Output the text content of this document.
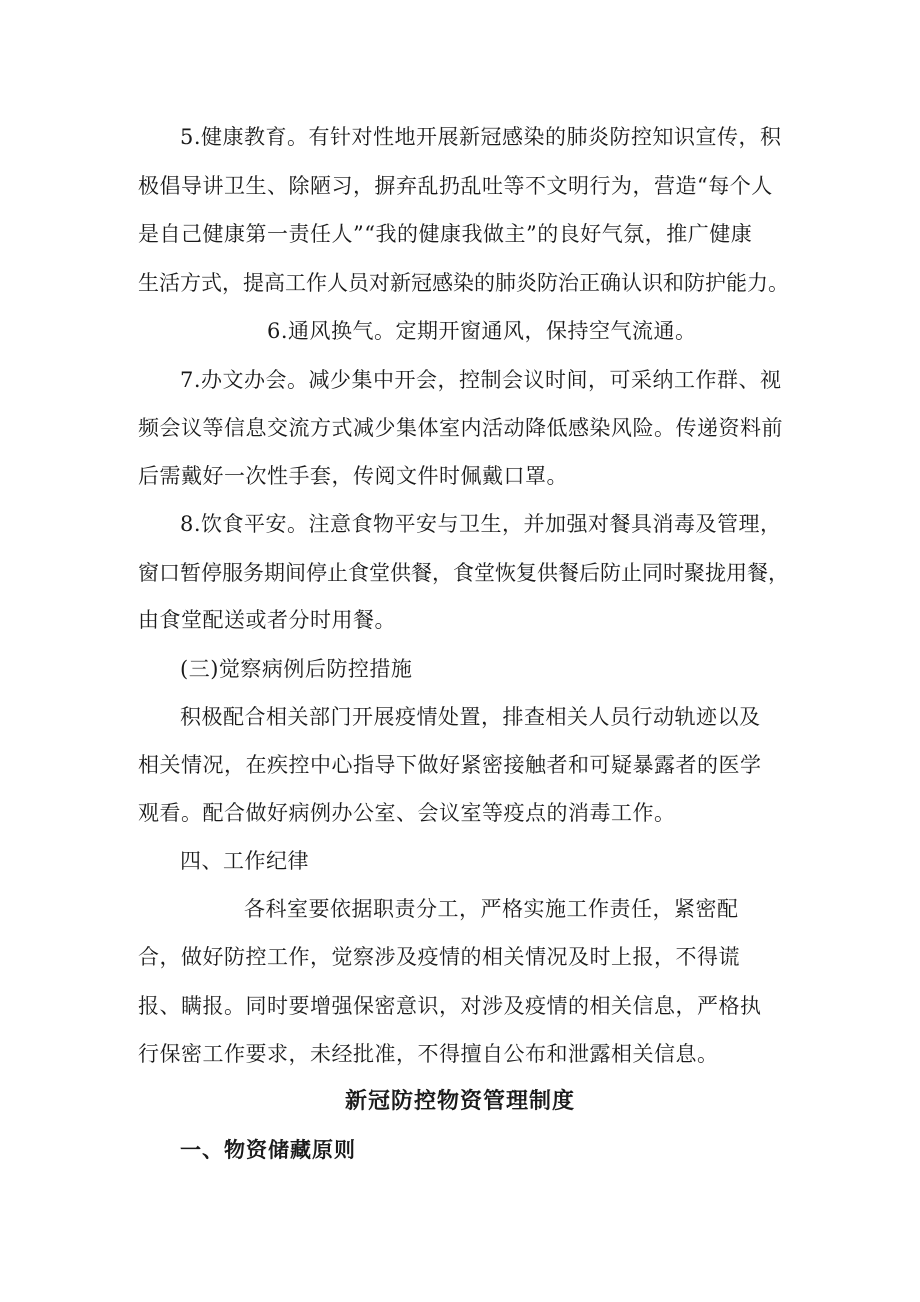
5.健康教育。有针对性地开展新冠感染的肺炎防控知识宣传，积
极倡导讲卫生、除陋习，摒弃乱扔乱吐等不文明行为，营造“每个人
是自己健康第一责任人”“我的健康我做主”的良好气氛，推广健康
生活方式，提高工作人员对新冠感染的肺炎防治正确认识和防护能力。
6.通风换气。定期开窗通风，保持空气流通。
7.办文办会。减少集中开会，控制会议时间，可采纳工作群、视
频会议等信息交流方式减少集体室内活动降低感染风险。传递资料前
后需戴好一次性手套，传阅文件时佩戴口罩。
8.饮食平安。注意食物平安与卫生，并加强对餐具消毒及管理，
窗口暂停服务期间停止食堂供餐，食堂恢复供餐后防止同时聚拢用餐，
由食堂配送或者分时用餐。
(三)觉察病例后防控措施
积极配合相关部门开展疫情处置，排查相关人员行动轨迹以及
相关情况，在疾控中心指导下做好紧密接触者和可疑暴露者的医学
观看。配合做好病例办公室、会议室等疫点的消毒工作。
四、工作纪律
各科室要依据职责分工，严格实施工作责任，紧密配
合，做好防控工作，觉察涉及疫情的相关情况及时上报，不得谎
报、瞒报。同时要增强保密意识，对涉及疫情的相关信息，严格执
行保密工作要求，未经批准，不得擅自公布和泄露相关信息。
新冠防控物资管理制度
一、物资储藏原则
